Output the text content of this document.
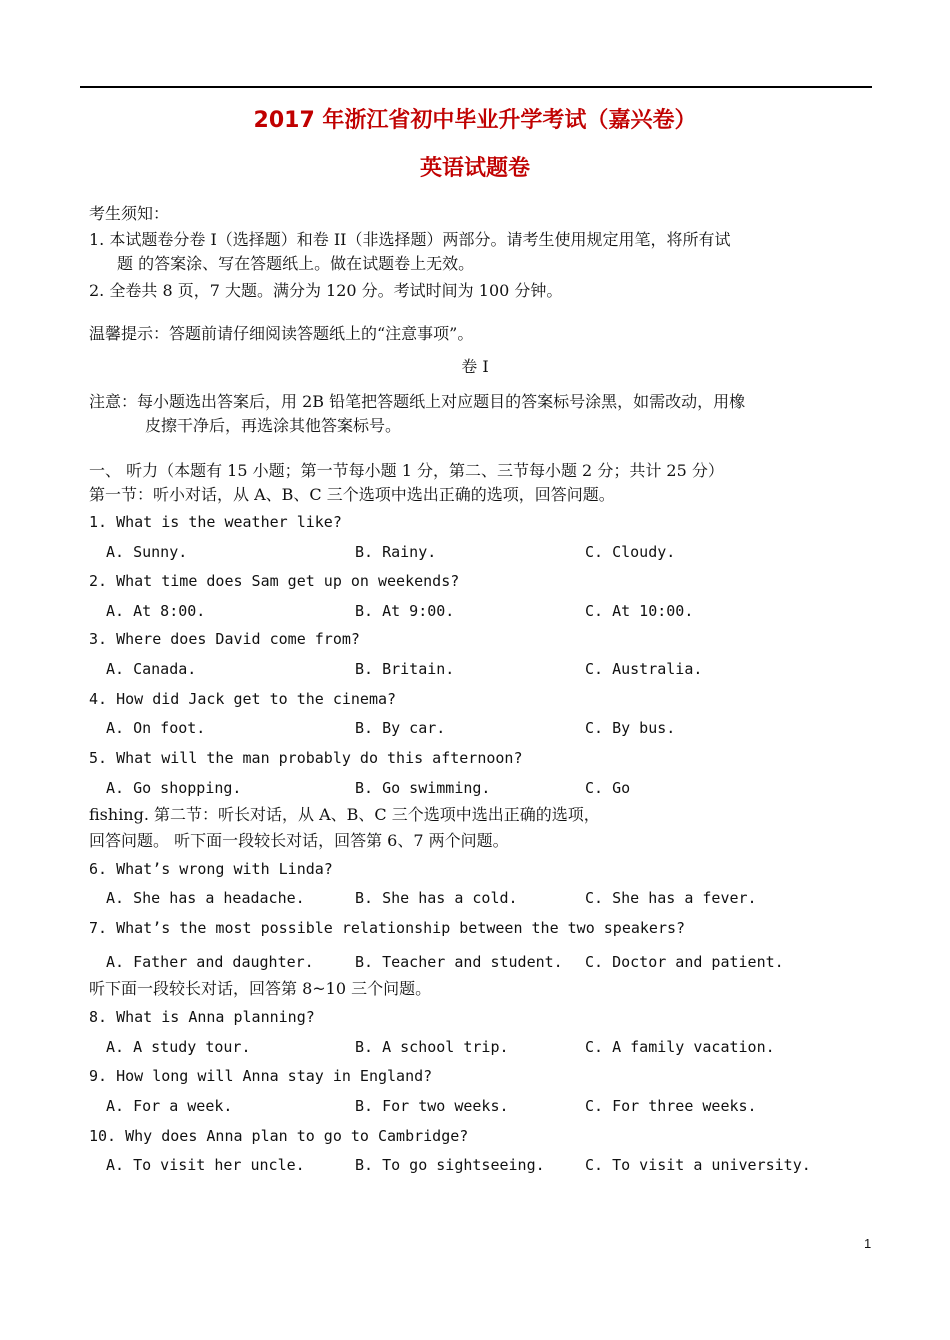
2017 年浙江省初中毕业升学考试（嘉兴卷）
英语试题卷
考生须知：
1. 本试题卷分卷 I（选择题）和卷 II（非选择题）两部分。请考生使用规定用笔，将所有试
题 的答案涂、写在答题纸上。做在试题卷上无效。
2. 全卷共 8 页，7 大题。满分为 120 分。考试时间为 100 分钟。
温馨提示：答题前请仔细阅读答题纸上的“注意事项”。
卷 I
注意：每小题选出答案后，用 2B 铅笔把答题纸上对应题目的答案标号涂黑，如需改动，用橡
皮擦干净后，再选涂其他答案标号。
一、 听力（本题有 15 小题；第一节每小题 1 分，第二、三节每小题 2 分；共计 25 分）
第一节：听小对话，从 A、B、C 三个选项中选出正确的选项，回答问题。
1. What is the weather like?
A. Sunny.	B. Rainy.	C. Cloudy.
2. What time does Sam get up on weekends?
A. At 8:00.	B. At 9:00.	C. At 10:00.
3. Where does David come from?
A. Canada.	B. Britain.	C. Australia.
4. How did Jack get to the cinema?
A. On foot.	B. By car.	C. By bus.
5. What will the man probably do this afternoon?
A. Go shopping.	B. Go swimming.	C. Go
fishing. 第二节：听长对话，从 A、B、C 三个选项中选出正确的选项，
回答问题。 听下面一段较长对话，回答第 6、7 两个问题。
6. What’s wrong with Linda?
A. She has a headache.	B. She has a cold.	C. She has a fever.
7. What’s the most possible relationship between the two speakers?
A. Father and daughter.	B. Teacher and student. C. Doctor and patient.
听下面一段较长对话，回答第 8~10 三个问题。
8. What is Anna planning?
A. A study tour.	B. A school trip.	C. A family vacation.
9. How long will Anna stay in England?
A. For a week.	B. For two weeks.	C. For three weeks.
10. Why does Anna plan to go to Cambridge?
A. To visit her uncle.	B. To go sightseeing.	C. To visit a university.
1
